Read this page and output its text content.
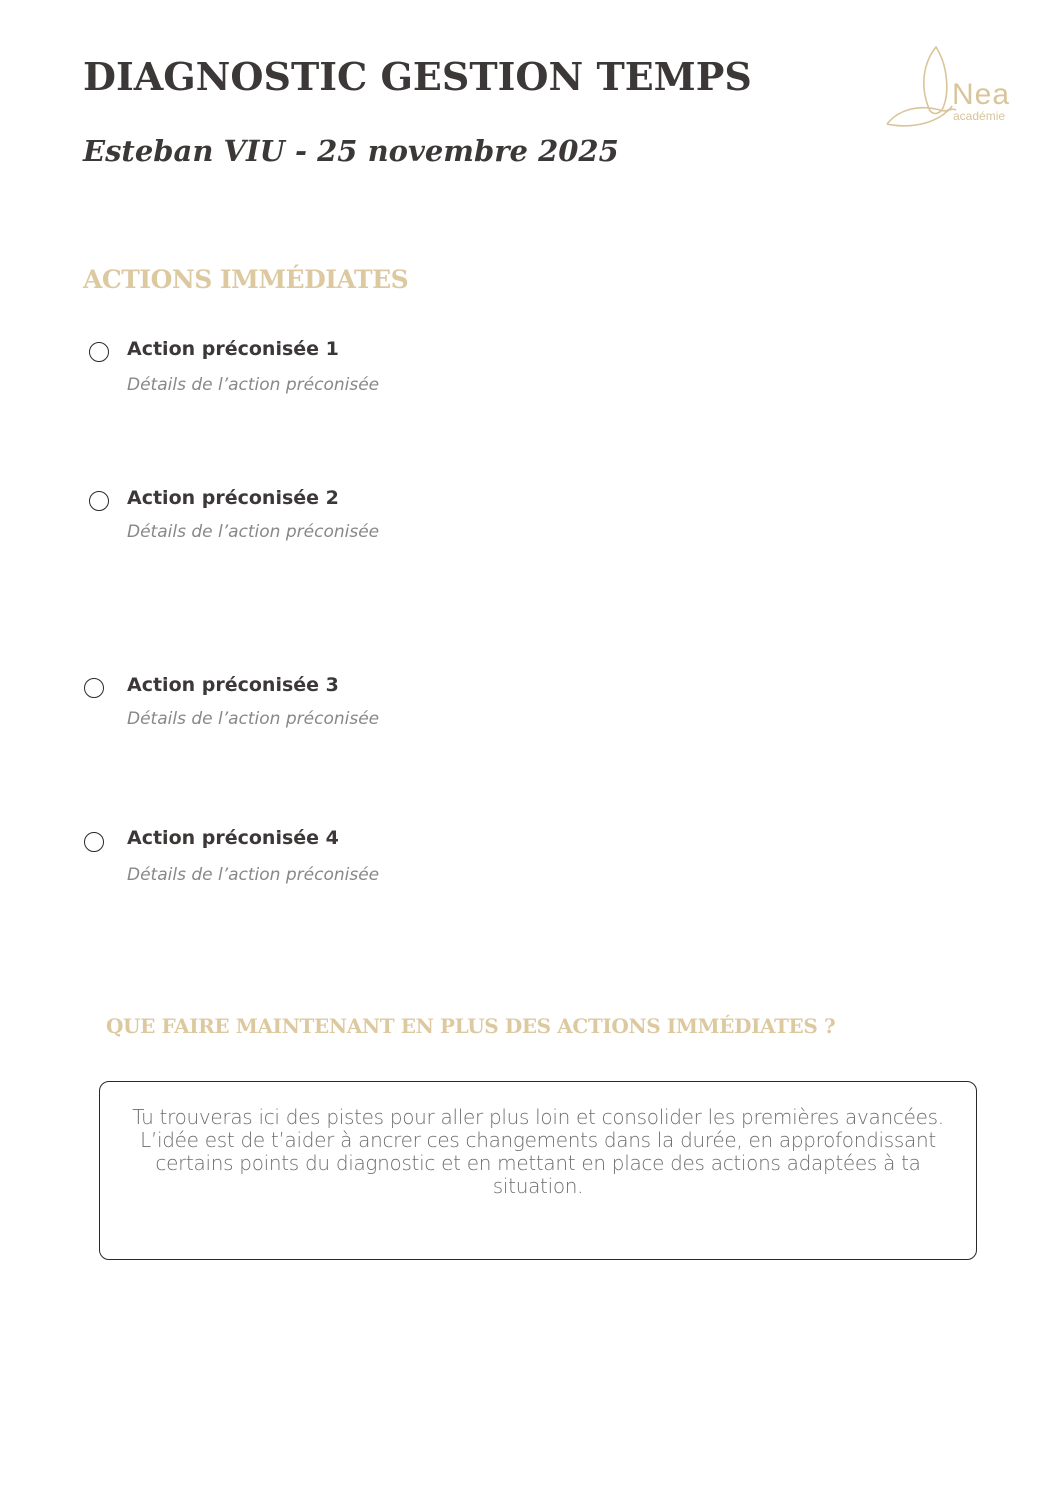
DIAGNOSTIC GESTION TEMPS
Esteban VIU - 25 novembre 2025
Nea
académie
ACTIONS IMMÉDIATES

Action préconisée 1

Détails de l’action préconisée

Action préconisée 2

Détails de l’action préconisée

Action préconisée 3

Détails de l’action préconisée

Action préconisée 4

Détails de l’action préconisée

QUE FAIRE MAINTENANT EN PLUS DES ACTIONS IMMÉDIATES ?

Tu trouveras ici des pistes pour aller plus loin et consolider les premières avancées. L’idée est de t’aider à ancrer ces changements dans la durée, en approfondissant certains points du diagnostic et en mettant en place des actions adaptées à ta situation.
